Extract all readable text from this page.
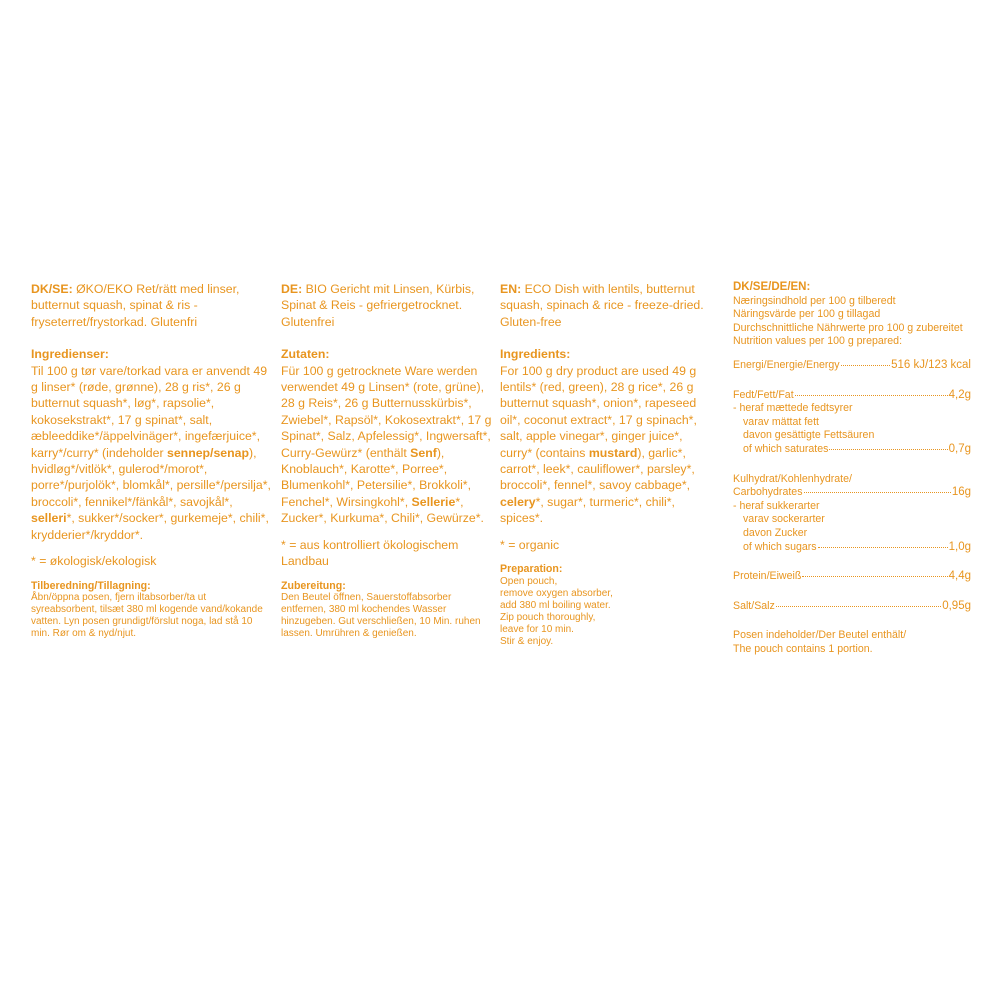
DK/SE: ØKO/EKO Ret/rätt med linser, butternut squash, spinat & ris - fryseterret/frystorkad. Glutenfri

Ingredienser:

Til 100 g tør vare/torkad vara er anvendt 49 g linser* (røde, grønne), 28 g ris*, 26 g butternut squash*, løg*, rapsolie*, kokosekstrakt*, 17 g spinat*, salt, æbleeddike*/äppelvinäger*, ingefærjuice*, karry*/curry* (indeholder sennep/senap), hvidløg*/vitlök*, gulerod*/morot*, porre*/purjolök*, blomkål*, persille*/persilja*, broccoli*, fennikel*/fänkål*, savojkål*, selleri*, sukker*/socker*, gurkemeje*, chili*, krydderier*/kryddor*.

* = økologisk/ekologisk

Tilberedning/Tillagning:

Åbn/öppna posen, fjern iltabsorber/ta ut syreabsorbent, tilsæt 380 ml kogende vand/kokande vatten. Lyn posen grundigt/förslut noga, lad stå 10 min. Rør om & nyd/njut.

DE: BIO Gericht mit Linsen, Kürbis, Spinat & Reis - gefriergetrocknet. Glutenfrei

Zutaten:

Für 100 g getrocknete Ware werden verwendet 49 g Linsen* (rote, grüne), 28 g Reis*, 26 g Butternusskürbis*, Zwiebel*, Rapsöl*, Kokosextrakt*, 17 g Spinat*, Salz, Apfelessig*, Ingwersaft*, Curry-Gewürz* (enthält Senf), Knoblauch*, Karotte*, Porree*, Blumenkohl*, Petersilie*, Brokkoli*, Fenchel*, Wirsingkohl*, Sellerie*, Zucker*, Kurkuma*, Chili*, Gewürze*.

* = aus kontrolliert ökologischem Landbau

Zubereitung:

Den Beutel öffnen, Sauerstoffabsorber entfernen, 380 ml kochendes Wasser hinzugeben. Gut verschließen, 10 Min. ruhen lassen. Umrühren & genießen.

EN: ECO Dish with lentils, butternut squash, spinach & rice - freeze-dried. Gluten-free

Ingredients:

For 100 g dry product are used 49 g lentils* (red, green), 28 g rice*, 26 g butternut squash*, onion*, rapeseed oil*, coconut extract*, 17 g spinach*, salt, apple vinegar*, ginger juice*, curry* (contains mustard), garlic*, carrot*, leek*, cauliflower*, parsley*, broccoli*, fennel*, savoy cabbage*, celery*, sugar*, turmeric*, chili*, spices*.

* = organic

Preparation:

Open pouch,

remove oxygen absorber,

add 380 ml boiling water.

Zip pouch thoroughly,

leave for 10 min.

Stir & enjoy.

DK/SE/DE/EN:

Næringsindhold per 100 g tilberedt

Näringsvärde per 100 g tillagad

Durchschnittliche Nährwerte pro 100 g zubereitet

Nutrition values per 100 g prepared:

Energi/Energie/Energy	516 kJ/123 kcal
Fedt/Fett/Fat	4,2g

- heraf mættede fedtsyrer

varav mättat fett

davon gesättigte Fettsäuren

of which saturates	0,7g

Kulhydrat/Kohlenhydrate/

Carbohydrates	16g

- heraf sukkerarter

varav sockerarter

davon Zucker

of which sugars	1,0g
Protein/Eiweiß	4,4g
Salt/Salz	0,95g

Posen indeholder/Der Beutel enthält/

The pouch contains 1 portion.
